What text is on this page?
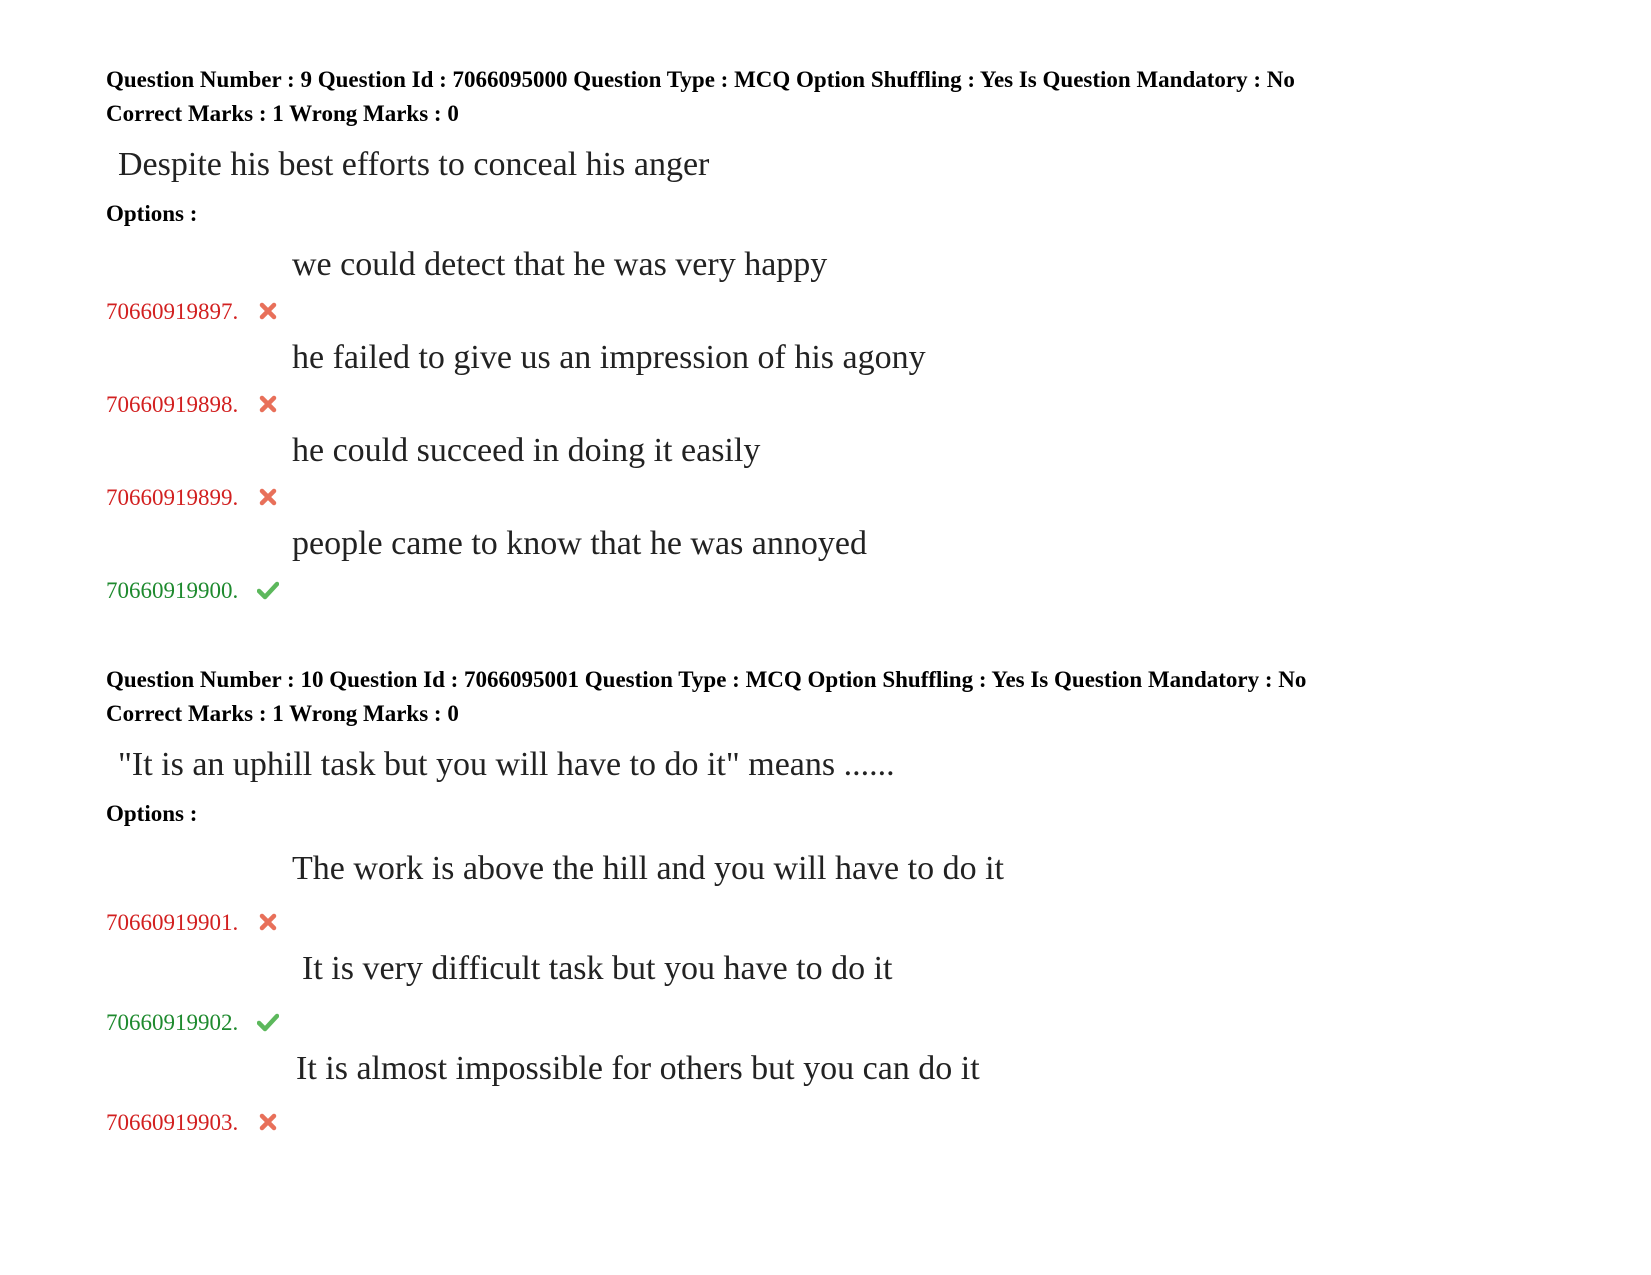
Question Number : 9 Question Id : 7066095000 Question Type : MCQ Option Shuffling : Yes Is Question Mandatory : No
Correct Marks : 1 Wrong Marks : 0
Despite his best efforts to conceal his anger
Options :
70660919897.
we could detect that he was very happy
70660919898.
he failed to give us an impression of his agony
70660919899.
he could succeed in doing it easily
70660919900.
people came to know that he was annoyed
Question Number : 10 Question Id : 7066095001 Question Type : MCQ Option Shuffling : Yes Is Question Mandatory : No
Correct Marks : 1 Wrong Marks : 0
"It is an uphill task but you will have to do it" means ......
Options :
70660919901.
The work is above the hill and you will have to do it
70660919902.
It is very difficult task but you have to do it
70660919903.
It is almost impossible for others but you can do it
